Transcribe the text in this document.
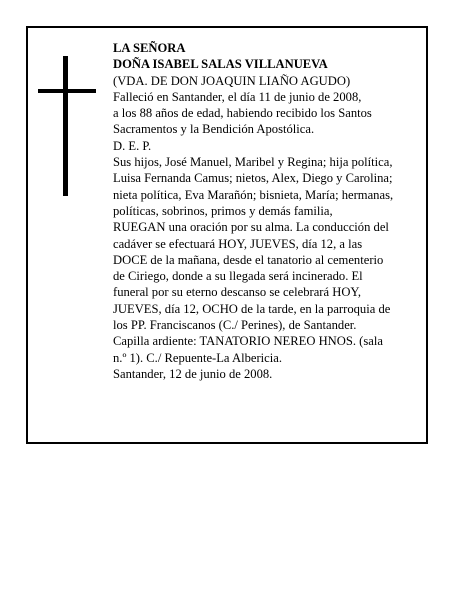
LA SEÑORA
DOÑA ISABEL SALAS VILLANUEVA
(VDA. DE DON JOAQUIN LIAÑO AGUDO)
Falleció en Santander, el día 11 de junio de 2008,
a los 88 años de edad, habiendo recibido los Santos
Sacramentos y la Bendición Apostólica.
D. E. P.
Sus hijos, José Manuel, Maribel y Regina; hija política,
Luisa Fernanda Camus; nietos, Alex, Diego y Carolina;
nieta política, Eva Marañón; bisnieta, María; hermanas,
políticas, sobrinos, primos y demás familia,
RUEGAN una oración por su alma. La conducción del
cadáver se efectuará HOY, JUEVES, día 12, a las
DOCE de la mañana, desde el tanatorio al cementerio
de Ciriego, donde a su llegada será incinerado. El
funeral por su eterno descanso se celebrará HOY,
JUEVES, día 12, OCHO de la tarde, en la parroquia de
los PP. Franciscanos (C./ Perines), de Santander.
Capilla ardiente: TANATORIO NEREO HNOS. (sala
n.º 1). C./ Repuente-La Albericia.
Santander, 12 de junio de 2008.
